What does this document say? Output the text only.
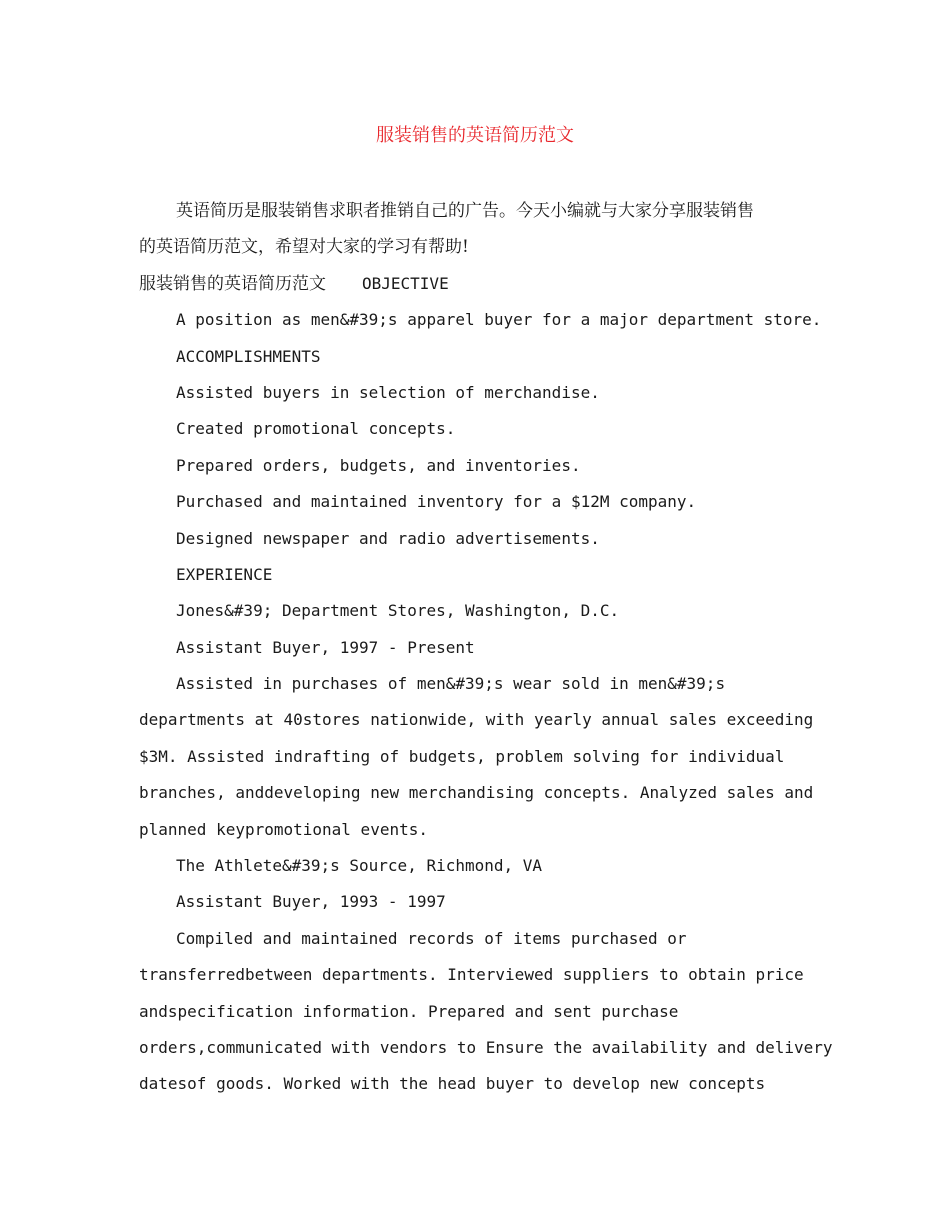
服装销售的英语简历范文
英语简历是服装销售求职者推销自己的广告。今天小编就与大家分享服装销售
的英语简历范文，希望对大家的学习有帮助!
服装销售的英语简历范文 OBJECTIVE
A position as men&#39;s apparel buyer for a major department store.
ACCOMPLISHMENTS
Assisted buyers in selection of merchandise.
Created promotional concepts.
Prepared orders, budgets, and inventories.
Purchased and maintained inventory for a $12M company.
Designed newspaper and radio advertisements.
EXPERIENCE
Jones&#39; Department Stores, Washington, D.C.
Assistant Buyer, 1997 - Present
Assisted in purchases of men&#39;s wear sold in men&#39;s
departments at 40stores nationwide, with yearly annual sales exceeding
$3M. Assisted indrafting of budgets, problem solving for individual
branches, anddeveloping new merchandising concepts. Analyzed sales and
planned keypromotional events.
The Athlete&#39;s Source, Richmond, VA
Assistant Buyer, 1993 - 1997
Compiled and maintained records of items purchased or
transferredbetween departments. Interviewed suppliers to obtain price
andspecification information. Prepared and sent purchase
orders,communicated with vendors to Ensure the availability and delivery
datesof goods. Worked with the head buyer to develop new concepts
